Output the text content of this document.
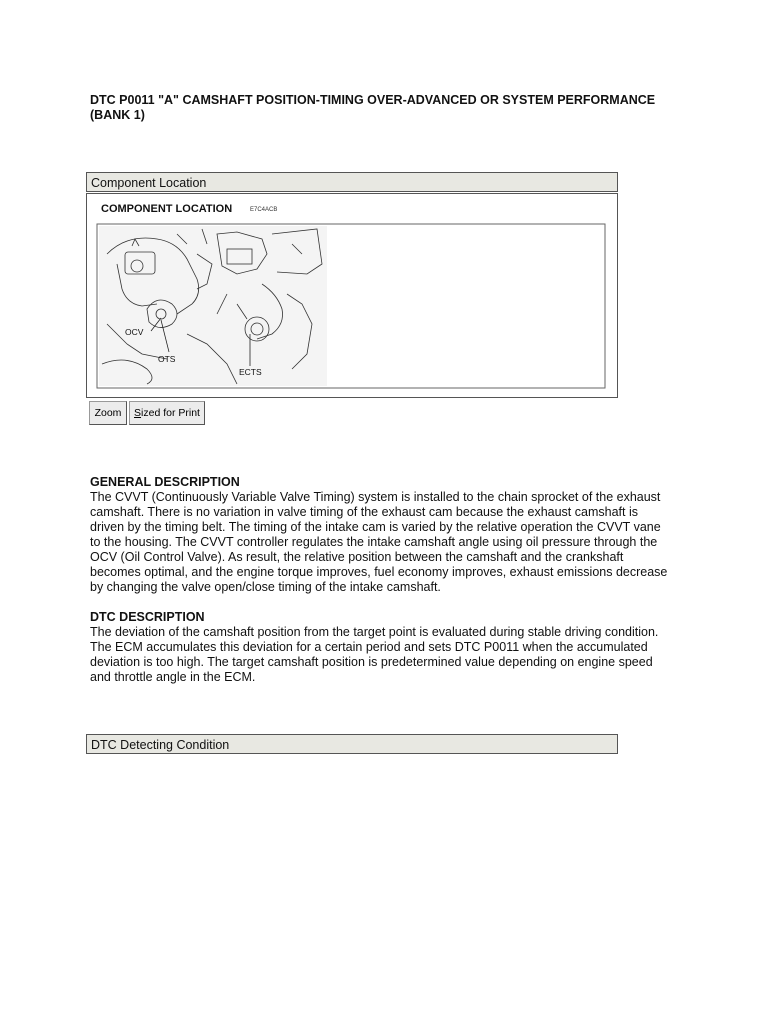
DTC P0011 "A" CAMSHAFT POSITION-TIMING OVER-ADVANCED OR SYSTEM PERFORMANCE
(BANK 1)
Component Location
COMPONENT LOCATION	E7C4ACB
OCV
OTS
ECTS
Zoom	Sized for Print
GENERAL DESCRIPTION
The CVVT (Continuously Variable Valve Timing) system is installed to the chain sprocket of the exhaust
camshaft. There is no variation in valve timing of the exhaust cam because the exhaust camshaft is
driven by the timing belt. The timing of the intake cam is varied by the relative operation the CVVT vane
to the housing. The CVVT controller regulates the intake camshaft angle using oil pressure through the
OCV (Oil Control Valve). As result, the relative position between the camshaft and the crankshaft
becomes optimal, and the engine torque improves, fuel economy improves, exhaust emissions decrease
by changing the valve open/close timing of the intake camshaft.
DTC DESCRIPTION
The deviation of the camshaft position from the target point is evaluated during stable driving condition.
The ECM accumulates this deviation for a certain period and sets DTC P0011 when the accumulated
deviation is too high. The target camshaft position is predetermined value depending on engine speed
and throttle angle in the ECM.
DTC Detecting Condition
